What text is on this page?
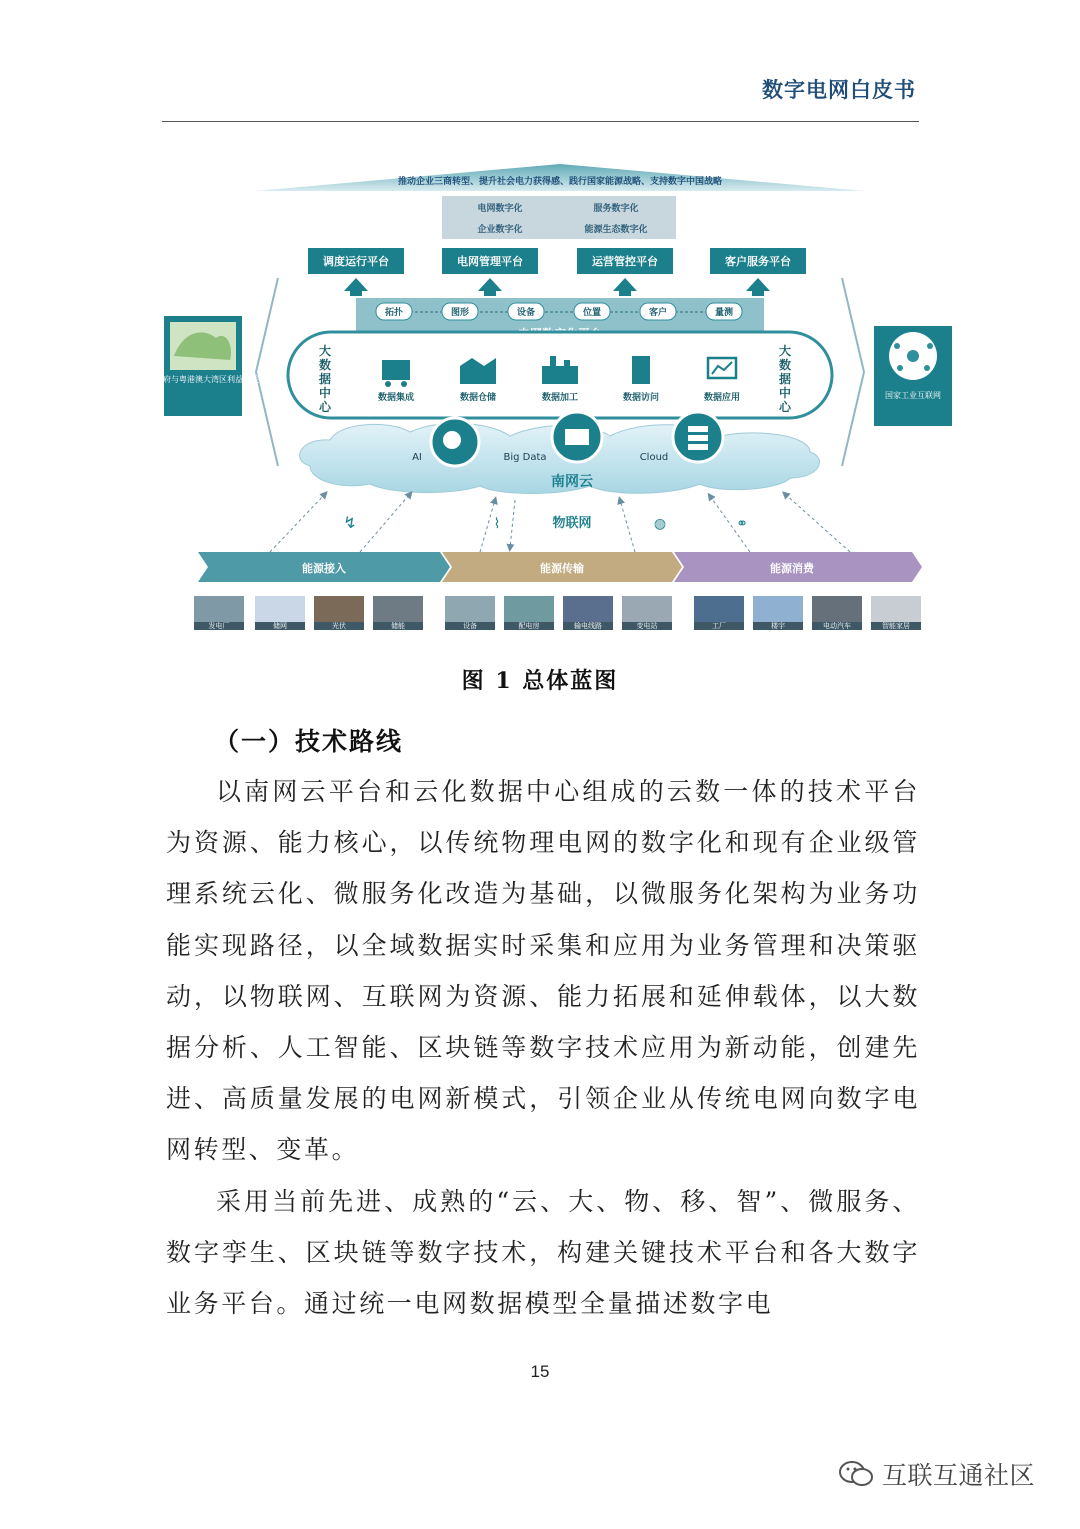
数字电网白皮书
推动企业三商转型、提升社会电力获得感、践行国家能源战略、支持数字中国战略
电网数字化	服务数字化
企业数字化	能源生态数字化
调度运行平台	电网管理平台	运营管控平台	客户服务平台
拓扑	图形	设备	位置	客户	量测
大数据中心
大数据中心
数据集成	数据仓储	数据加工	数据访问	数据应用
AI	Big Data	Cloud
南网云
物联网
↯	⌇	◍	⚭
数字政府与粤港澳大湾区利益相关方
国家工业互联网
能源接入	能源传输	能源消费
发电厂	储网	光伏	储能	设备	配电房	输电线路	变电站	工厂	楼宇	电动汽车	智能家居
图 1 总体蓝图
（一）技术路线

以南网云平台和云化数据中心组成的云数一体的技术平台为资源、能力核心，以传统物理电网的数字化和现有企业级管理系统云化、微服务化改造为基础，以微服务化架构为业务功能实现路径，以全域数据实时采集和应用为业务管理和决策驱动，以物联网、互联网为资源、能力拓展和延伸载体，以大数据分析、人工智能、区块链等数字技术应用为新动能，创建先进、高质量发展的电网新模式，引领企业从传统电网向数字电网转型、变革。

采用当前先进、成熟的“云、大、物、移、智”、微服务、数字孪生、区块链等数字技术，构建关键技术平台和各大数字业务平台。通过统一电网数据模型全量描述数字电

15
互联互通社区
